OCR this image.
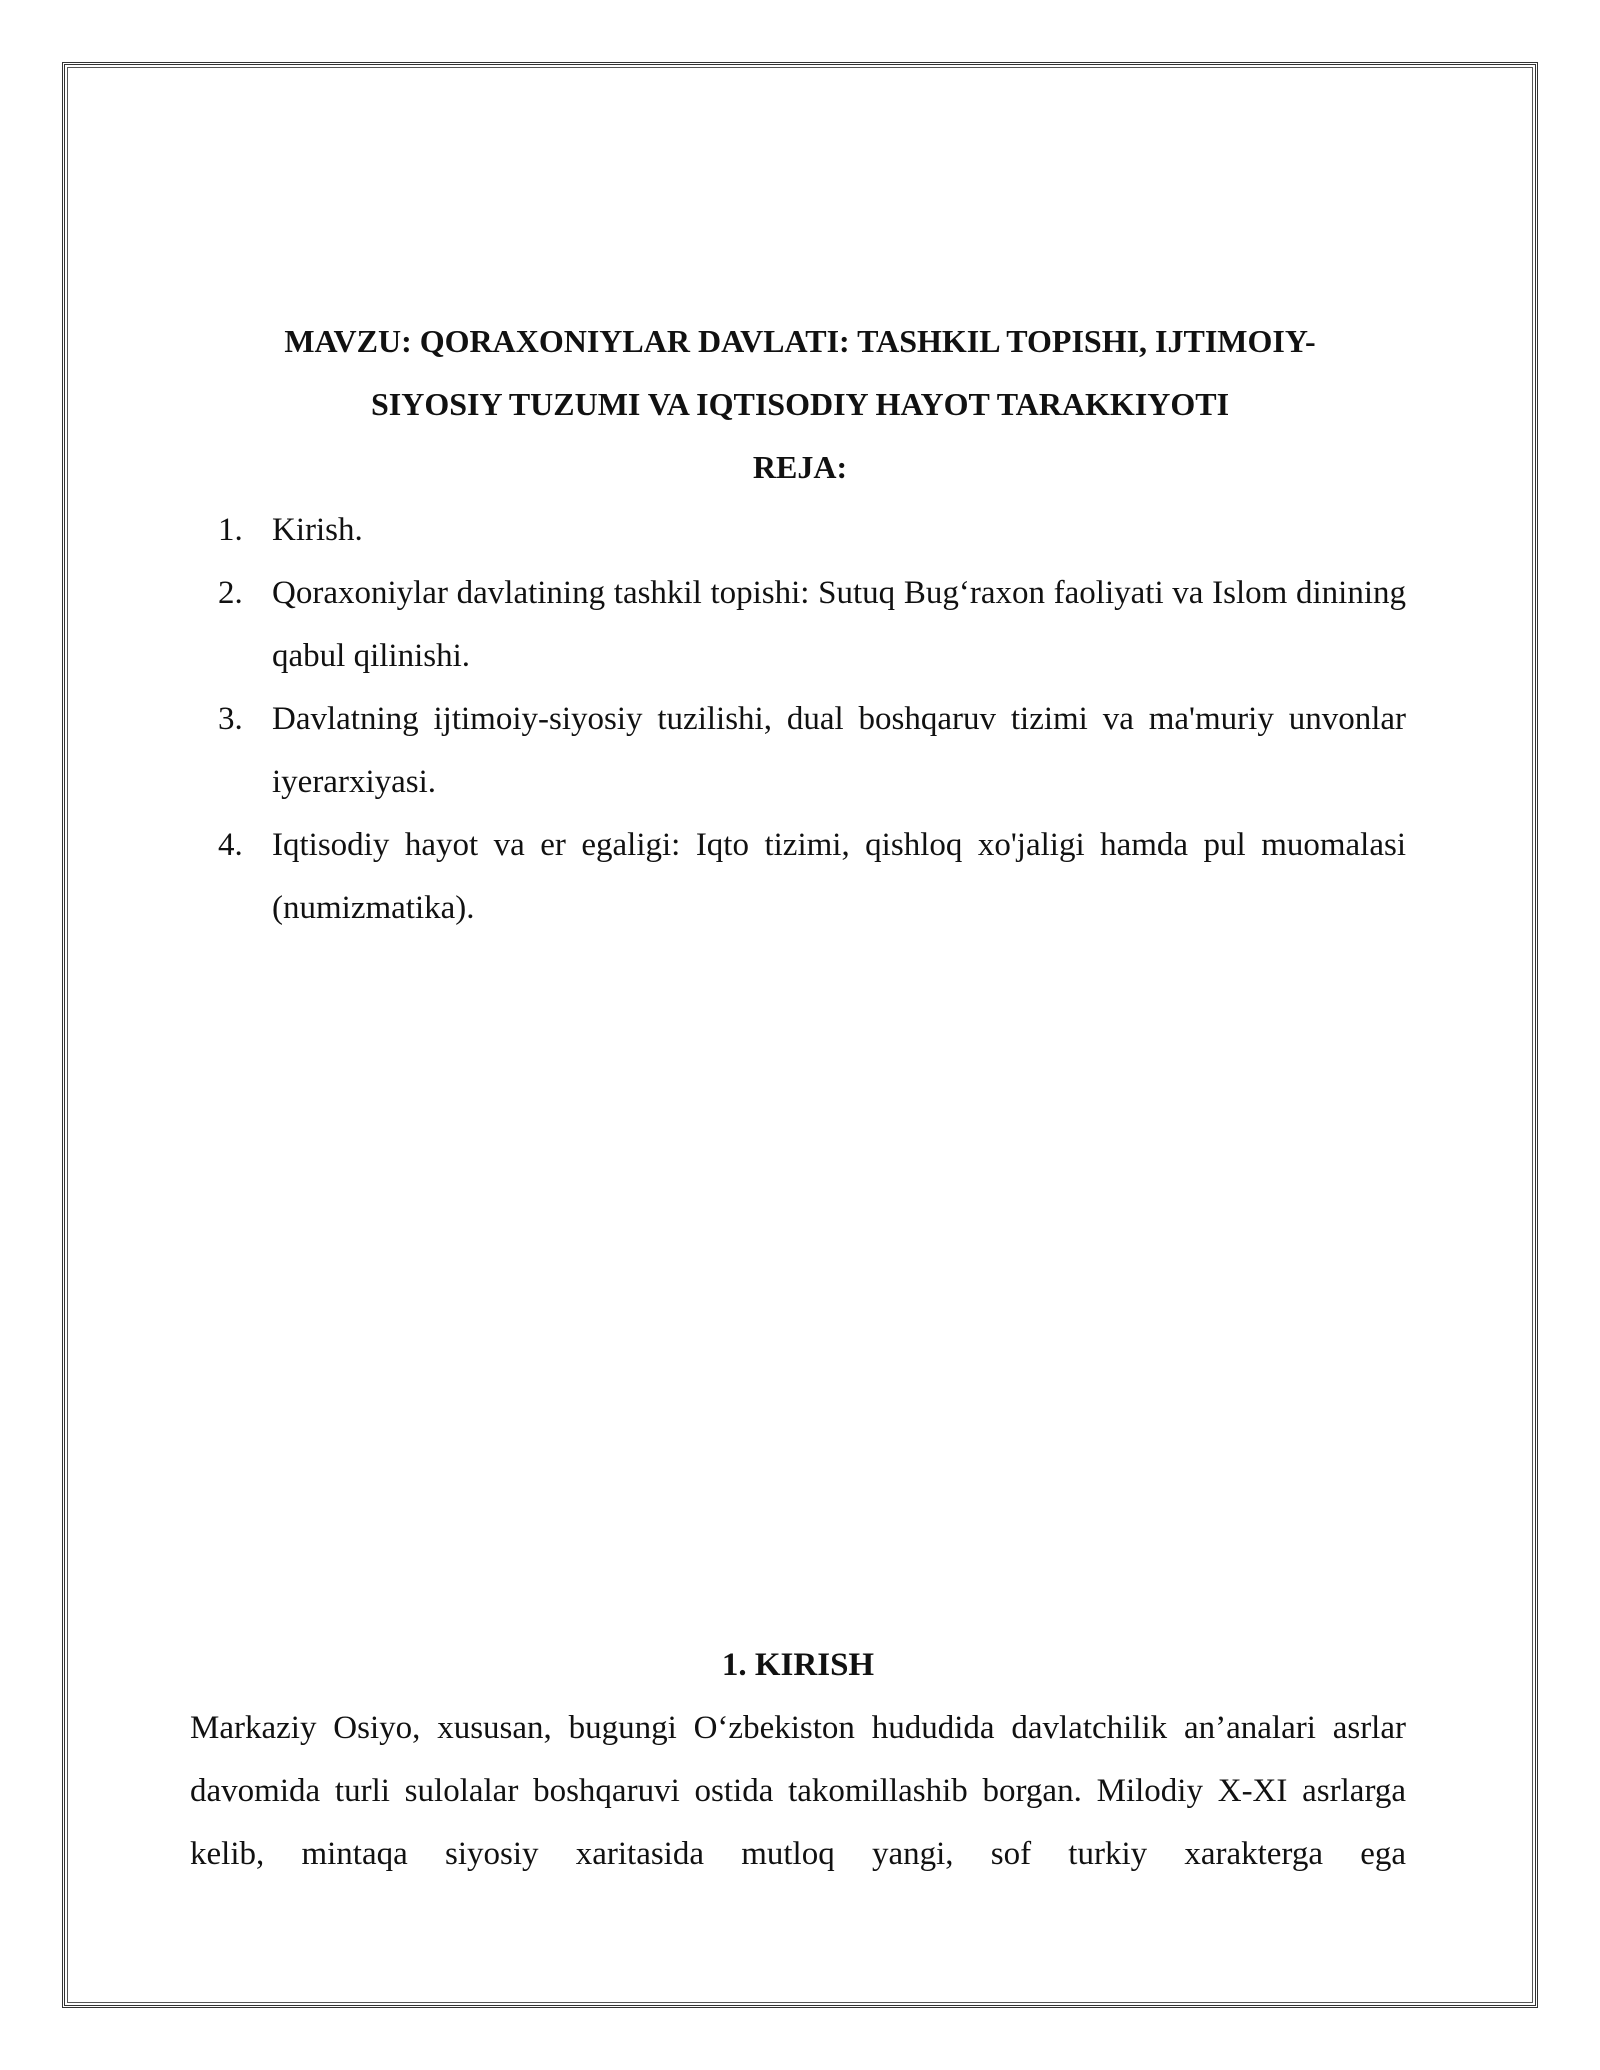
MAVZU: QORAXONIYLAR DAVLATI: TASHKIL TOPISHI, IJTIMOIY-
SIYOSIY TUZUMI VA IQTISODIY HAYOT TARAKKIYOTI
REJA:
1. Kirish.
2. Qoraxoniylar davlatining tashkil topishi: Sutuq Bug‘raxon faoliyati va Islom dinining qabul qilinishi.
3. Davlatning ijtimoiy-siyosiy tuzilishi, dual boshqaruv tizimi va ma'muriy unvonlar iyerarxiyasi.
4. Iqtisodiy hayot va er egaligi: Iqto tizimi, qishloq xo'jaligi hamda pul muomalasi (numizmatika).
1. KIRISH

Markaziy Osiyo, xususan, bugungi O‘zbekiston hududida davlatchilik an’analari asrlar davomida turli sulolalar boshqaruvi ostida takomillashib borgan. Milodiy X-XI asrlarga kelib, mintaqa siyosiy xaritasida mutloq yangi, sof turkiy xarakterga ega
